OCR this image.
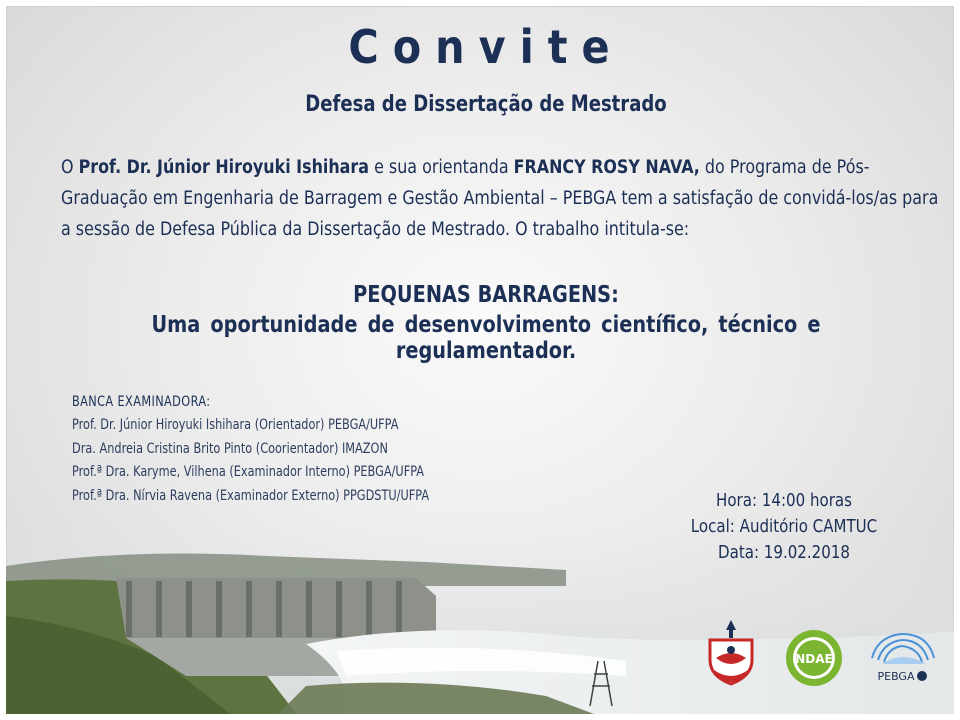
Convite
Defesa de Dissertação de Mestrado
O Prof. Dr. Júnior Hiroyuki Ishihara e sua orientanda FRANCY ROSY NAVA, do Programa de Pós-Graduação em Engenharia de Barragem e Gestão Ambiental – PEBGA tem a satisfação de convidá-los/as para a sessão de Defesa Pública da Dissertação de Mestrado. O trabalho intitula-se:
PEQUENAS BARRAGENS:
Uma oportunidade de desenvolvimento científico, técnico e regulamentador.
BANCA EXAMINADORA:
Prof. Dr. Júnior Hiroyuki Ishihara (Orientador) PEBGA/UFPA
Dra. Andreia Cristina Brito Pinto (Coorientador) IMAZON
Prof.ª Dra. Karyme, Vilhena (Examinador Interno) PEBGA/UFPA
Prof.ª Dra. Nírvia Ravena (Examinador Externo) PPGDSTU/UFPA	Hora: 14:00 horas
Local: Auditório CAMTUC
Data: 19.02.2018
NDAE
PEBGA
